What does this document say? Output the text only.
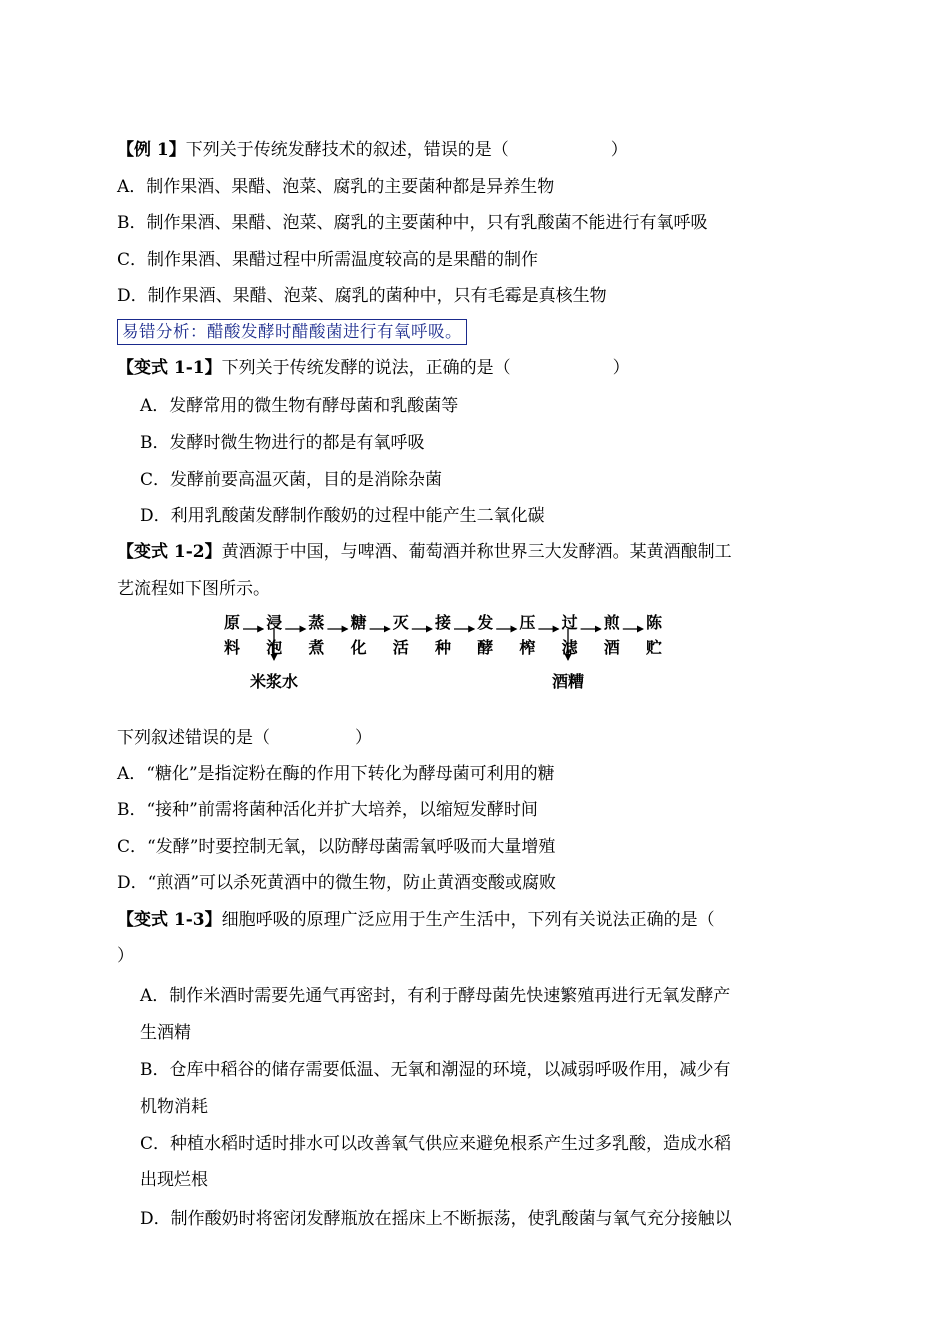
【例 1】下列关于传统发酵技术的叙述，错误的是（　　　　　　）
A．制作果酒、果醋、泡菜、腐乳的主要菌种都是异养生物
B．制作果酒、果醋、泡菜、腐乳的主要菌种中，只有乳酸菌不能进行有氧呼吸
C．制作果酒、果醋过程中所需温度较高的是果醋的制作
D．制作果酒、果醋、泡菜、腐乳的菌种中，只有毛霉是真核生物
易错分析：醋酸发酵时醋酸菌进行有氧呼吸。
【变式 1-1】下列关于传统发酵的说法，正确的是（　　　　　　）
A．发酵常用的微生物有酵母菌和乳酸菌等
B．发酵时微生物进行的都是有氧呼吸
C．发酵前要高温灭菌，目的是消除杂菌
D．利用乳酸菌发酵制作酸奶的过程中能产生二氧化碳
【变式 1-2】黄酒源于中国，与啤酒、葡萄酒并称世界三大发酵酒。某黄酒酿制工
艺流程如下图所示。
原
料
浸
泡
蒸
煮
糖
化
灭
活
接
种
发
酵
压
榨
过
滤
煎
酒
陈
贮
米浆水	酒糟
下列叙述错误的是（　　　　　）
A．“糖化”是指淀粉在酶的作用下转化为酵母菌可利用的糖
B．“接种”前需将菌种活化并扩大培养，以缩短发酵时间
C．“发酵”时要控制无氧，以防酵母菌需氧呼吸而大量增殖
D．“煎酒”可以杀死黄酒中的微生物，防止黄酒变酸或腐败
【变式 1-3】细胞呼吸的原理广泛应用于生产生活中，下列有关说法正确的是（
）
A．制作米酒时需要先通气再密封，有利于酵母菌先快速繁殖再进行无氧发酵产
生酒精
B．仓库中稻谷的储存需要低温、无氧和潮湿的环境，以减弱呼吸作用，减少有
机物消耗
C．种植水稻时适时排水可以改善氧气供应来避免根系产生过多乳酸，造成水稻
出现烂根
D．制作酸奶时将密闭发酵瓶放在摇床上不断振荡，使乳酸菌与氧气充分接触以
